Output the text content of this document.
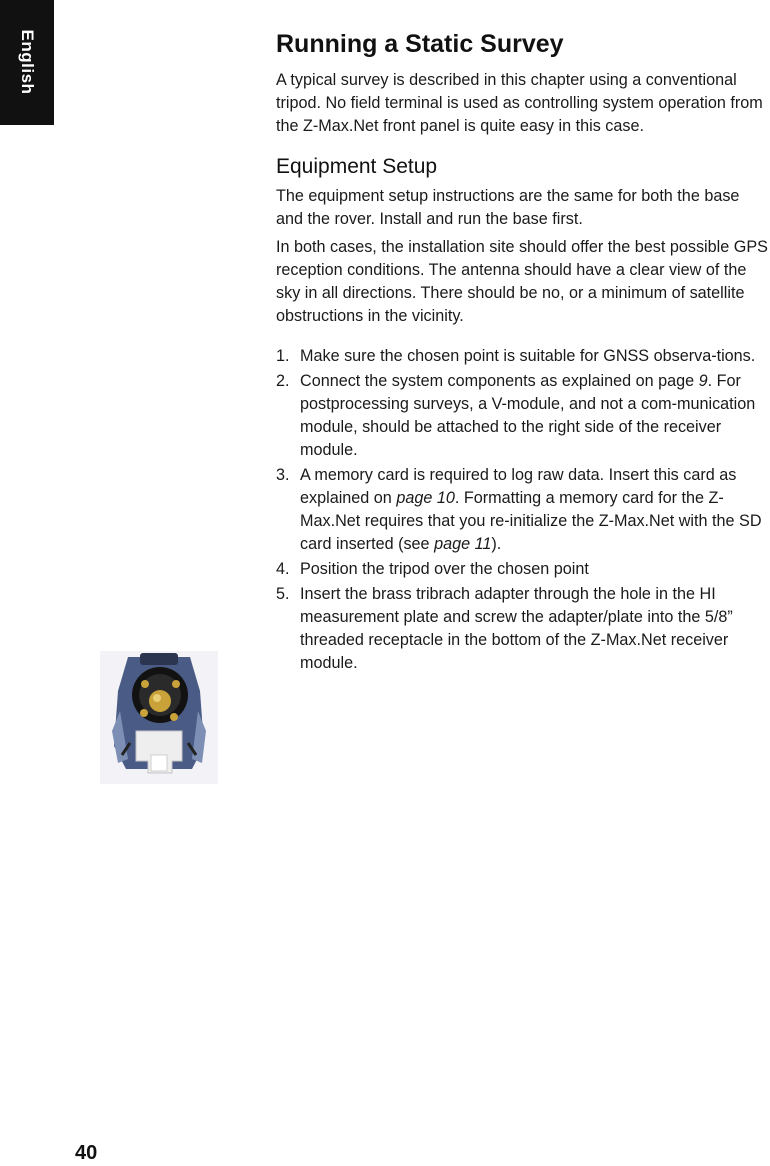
English	Running a Static Survey

A typical survey is described in this chapter using a conventional tripod. No field terminal is used as controlling system operation from the Z-Max.Net front panel is quite easy in this case.

Equipment Setup

The equipment setup instructions are the same for both the base and the rover. Install and run the base first.

In both cases, the installation site should offer the best possible GPS reception conditions. The antenna should have a clear view of the sky in all directions. There should be no, or a minimum of satellite obstructions in the vicinity.

1. Make sure the chosen point is suitable for GNSS observa-tions.
2. Connect the system components as explained on page 9. For postprocessing surveys, a V-module, and not a com-munication module, should be attached to the right side of the receiver module.
3. A memory card is required to log raw data. Insert this card as explained on page 10. Formatting a memory card for the Z-Max.Net requires that you re-initialize the Z-Max.Net with the SD card inserted (see page 11).
4. Position the tripod over the chosen point
5. Insert the brass tribrach adapter through the hole in the HI measurement plate and screw the adapter/plate into the 5/8” threaded receptacle in the bottom of the Z-Max.Net receiver module.
40
